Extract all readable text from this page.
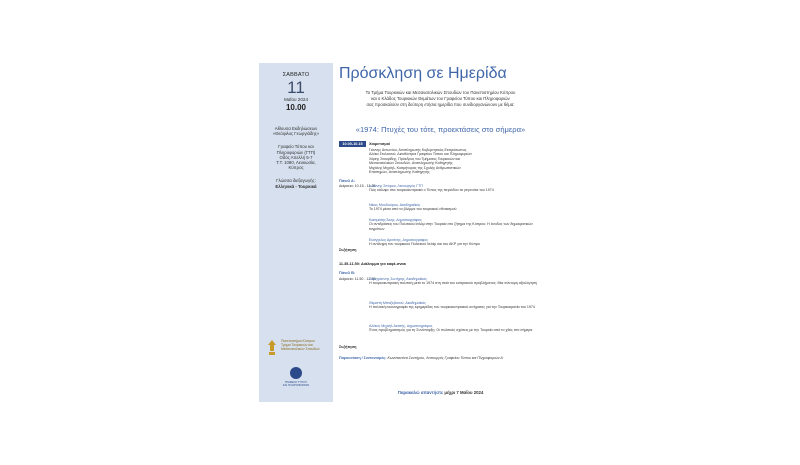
ΣΑΒΒΑΤΟ
11
Μαΐου 2024
10.00
Αίθουσα Εκδηλώσεων
«Θεόφιλος Γεωργιάδης»
Γραφείο Τύπου και
Πληροφοριών (ΓΤΠ)
Οδός Απελλή 5-7
Τ.Τ. 1080, Λευκωσία,
Κύπρος
Γλώσσα διεξαγωγής:
Ελληνικά - Τουρκικά
Πανεπιστήμιο Κύπρου
Τμήμα Τουρκικών και
Μεσανατολικών Σπουδών
ΓΡΑΦΕΙΟ ΤΥΠΟΥ
ΚΑΙ ΠΛΗΡΟΦΟΡΙΩΝ
Πρόσκληση σε Ημερίδα
Το Τμήμα Τουρκικών και Μεσανατολικών Σπουδών του Πανεπιστημίου Κύπρου
και ο Κλάδος Τουρκικών Θεμάτων του Γραφείου Τύπου και Πληροφοριών
σας προσκαλούν στη δεύτερη ετήσια ημερίδα που συνδιοργανώνουν με θέμα:
«1974: Πτυχές του τότε, προεκτάσεις στο σήμερα»
10.00-10.15	Χαιρετισμοί
Γιάννης Αντωνίου, Αναπληρωτής Κυβερνητικός Εκπρόσωπος
Αλέκα Στυλιανού, Διευθύντρια Γραφείου Τύπου και Πληροφοριών
Χάρης Σταυρίδης, Πρόεδρος του Τμήματος Τουρκικών και
Μεσανατολικών Σπουδών, Αναπληρωτής Καθηγητής
Μιχάλης Μιχαήλ, Κοσμήτορας της Σχολής Ανθρωπιστικών
Επιστημών, Αναπληρωτής Καθηγητής
Πάνελ Α:
Διάρκεια: 10.15 - 11.35
Ιωάννης Σπύρου, Λειτουργός ΓΤΠ
Πώς κάλυψε στα τουρκοκυπριακά ο Τύπος της περιόδου τα γεγονότα του 1974
Νίκος Μουδούρου, Ακαδημαϊκός
Το 1974 μέσα από το βλέμμα του τουρκικού εθνικισμού
Κασιμάτης Άκης, Δημοσιογράφος
Οι αντιδράσεις του Πολιτικού Ισλάμ στην Τουρκία στο ζήτημα της Κύπρου: Η άνοδος των δημοκρατικών ταγμάτων
Ευάγγελος Αρσένης, Δημοσιογράφος
Η αντίληψη του τουρκικού Πολιτικού Ισλάμ και του ΑΚΡ για την Κύπρο
Συζήτηση
11.35-11.50: Διάλειμμα για καφέ-σνακ
Πάνελ Β:
Διάρκεια: 11.50 - 12.55
Σαρηγιάννης Σωτήρης, Ακαδημαϊκός
Η τουρκοκυπριακή πολιτική μετά το 1974 στη σκιά του κυπριακού προβλήματος: Μια σύντομη αξιολόγηση
Θεμιστή Μπαξεβανού, Ακαδημαϊκός
Η πολιτική εικονογραφία της εφημερίδας του τουρκοκυπριακού κινήματος για την Τουρκοκρατία του 1974
Αλέκος Μιχαήλ Ακτσής, Δημοσιογράφος
Ένας προβληματισμός για τη Συνύπαρξη: Οι πολιτικές σχέσεις με την Τουρκία από το χθες στο σήμερα
Συζήτηση
Παρουσίαση / Συντονισμός: Κωνσταντίνα Συντήρου, Λειτουργός Γραφείου Τύπου και Πληροφοριών Α
Παρακαλώ απαντήστε μέχρι 7 Μαΐου 2024
